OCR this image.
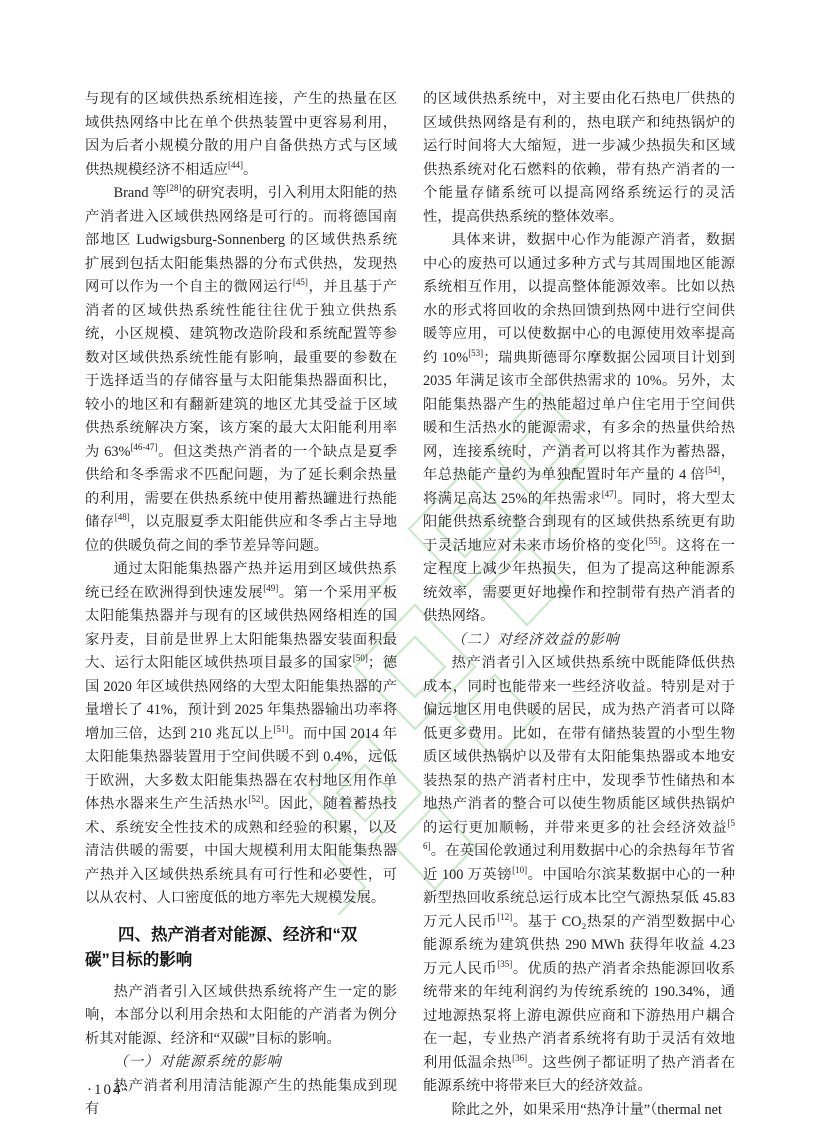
与现有的区域供热系统相连接，产生的热量在区域供热网络中比在单个供热装置中更容易利用，因为后者小规模分散的用户自备供热方式与区域供热规模经济不相适应[44]。

Brand 等[28]的研究表明，引入利用太阳能的热产消者进入区域供热网络是可行的。而将德国南部地区 Ludwigsburg-Sonnenberg 的区域供热系统扩展到包括太阳能集热器的分布式供热，发现热网可以作为一个自主的微网运行[45]，并且基于产消者的区域供热系统性能往往优于独立供热系统，小区规模、建筑物改造阶段和系统配置等参数对区域供热系统性能有影响，最重要的参数在于选择适当的存储容量与太阳能集热器面积比，较小的地区和有翻新建筑的地区尤其受益于区域供热系统解决方案，该方案的最大太阳能利用率为 63%[46-47]。但这类热产消者的一个缺点是夏季供给和冬季需求不匹配问题，为了延长剩余热量的利用，需要在供热系统中使用蓄热罐进行热能储存[48]，以克服夏季太阳能供应和冬季占主导地位的供暖负荷之间的季节差异等问题。

通过太阳能集热器产热并运用到区域供热系统已经在欧洲得到快速发展[49]。第一个采用平板太阳能集热器并与现有的区域供热网络相连的国家丹麦，目前是世界上太阳能集热器安装面积最大、运行太阳能区域供热项目最多的国家[50]；德国 2020 年区域供热网络的大型太阳能集热器的产量增长了 41%，预计到 2025 年集热器输出功率将增加三倍，达到 210 兆瓦以上[51]。而中国 2014 年太阳能集热器装置用于空间供暖不到 0.4%，远低于欧洲，大多数太阳能集热器在农村地区用作单体热水器来生产生活热水[52]。因此，随着蓄热技术、系统安全性技术的成熟和经验的积累，以及清洁供暖的需要，中国大规模利用太阳能集热器产热并入区域供热系统具有可行性和必要性，可以从农村、人口密度低的地方率先大规模发展。

四、热产消者对能源、经济和“双碳”目标的影响

热产消者引入区域供热系统将产生一定的影响，本部分以利用余热和太阳能的产消者为例分析其对能源、经济和“双碳”目标的影响。

（一）对能源系统的影响

热产消者利用清洁能源产生的热能集成到现有

的区域供热系统中，对主要由化石热电厂供热的区域供热网络是有利的，热电联产和纯热锅炉的运行时间将大大缩短，进一步减少热损失和区域供热系统对化石燃料的依赖，带有热产消者的一个能量存储系统可以提高网络系统运行的灵活性，提高供热系统的整体效率。

具体来讲，数据中心作为能源产消者，数据中心的废热可以通过多种方式与其周围地区能源系统相互作用，以提高整体能源效率。比如以热水的形式将回收的余热回馈到热网中进行空间供暖等应用，可以使数据中心的电源使用效率提高约 10%[53]；瑞典斯德哥尔摩数据公园项目计划到 2035 年满足该市全部供热需求的 10%。另外，太阳能集热器产生的热能超过单户住宅用于空间供暖和生活热水的能源需求，有多余的热量供给热网，连接系统时，产消者可以将其作为蓄热器，年总热能产量约为单独配置时年产量的 4 倍[54]，将满足高达 25%的年热需求[47]。同时，将大型太阳能供热系统整合到现有的区域供热系统更有助于灵活地应对未来市场价格的变化[55]。这将在一定程度上减少年热损失，但为了提高这种能源系统效率，需要更好地操作和控制带有热产消者的供热网络。

（二）对经济效益的影响

热产消者引入区域供热系统中既能降低供热成本，同时也能带来一些经济收益。特别是对于偏远地区用电供暖的居民，成为热产消者可以降低更多费用。比如，在带有储热装置的小型生物质区域供热锅炉以及带有太阳能集热器或本地安装热泵的热产消者村庄中，发现季节性储热和本地热产消者的整合可以使生物质能区域供热锅炉的运行更加顺畅，并带来更多的社会经济效益[56]。在英国伦敦通过利用数据中心的余热每年节省近 100 万英镑[10]。中国哈尔滨某数据中心的一种新型热回收系统总运行成本比空气源热泵低 45.83 万元人民币[12]。基于 CO₂热泵的产消型数据中心能源系统为建筑供热 290 MWh 获得年收益 4.23 万元人民币[35]。优质的热产消者余热能源回收系统带来的年纯利润约为传统系统的 190.34%，通过地源热泵将上游电源供应商和下游热用户耦合在一起，专业热产消者系统将有助于灵活有效地利用低温余热[36]。这些例子都证明了热产消者在能源系统中将带来巨大的经济效益。

除此之外，如果采用“热净计量”（thermal net

·104·
